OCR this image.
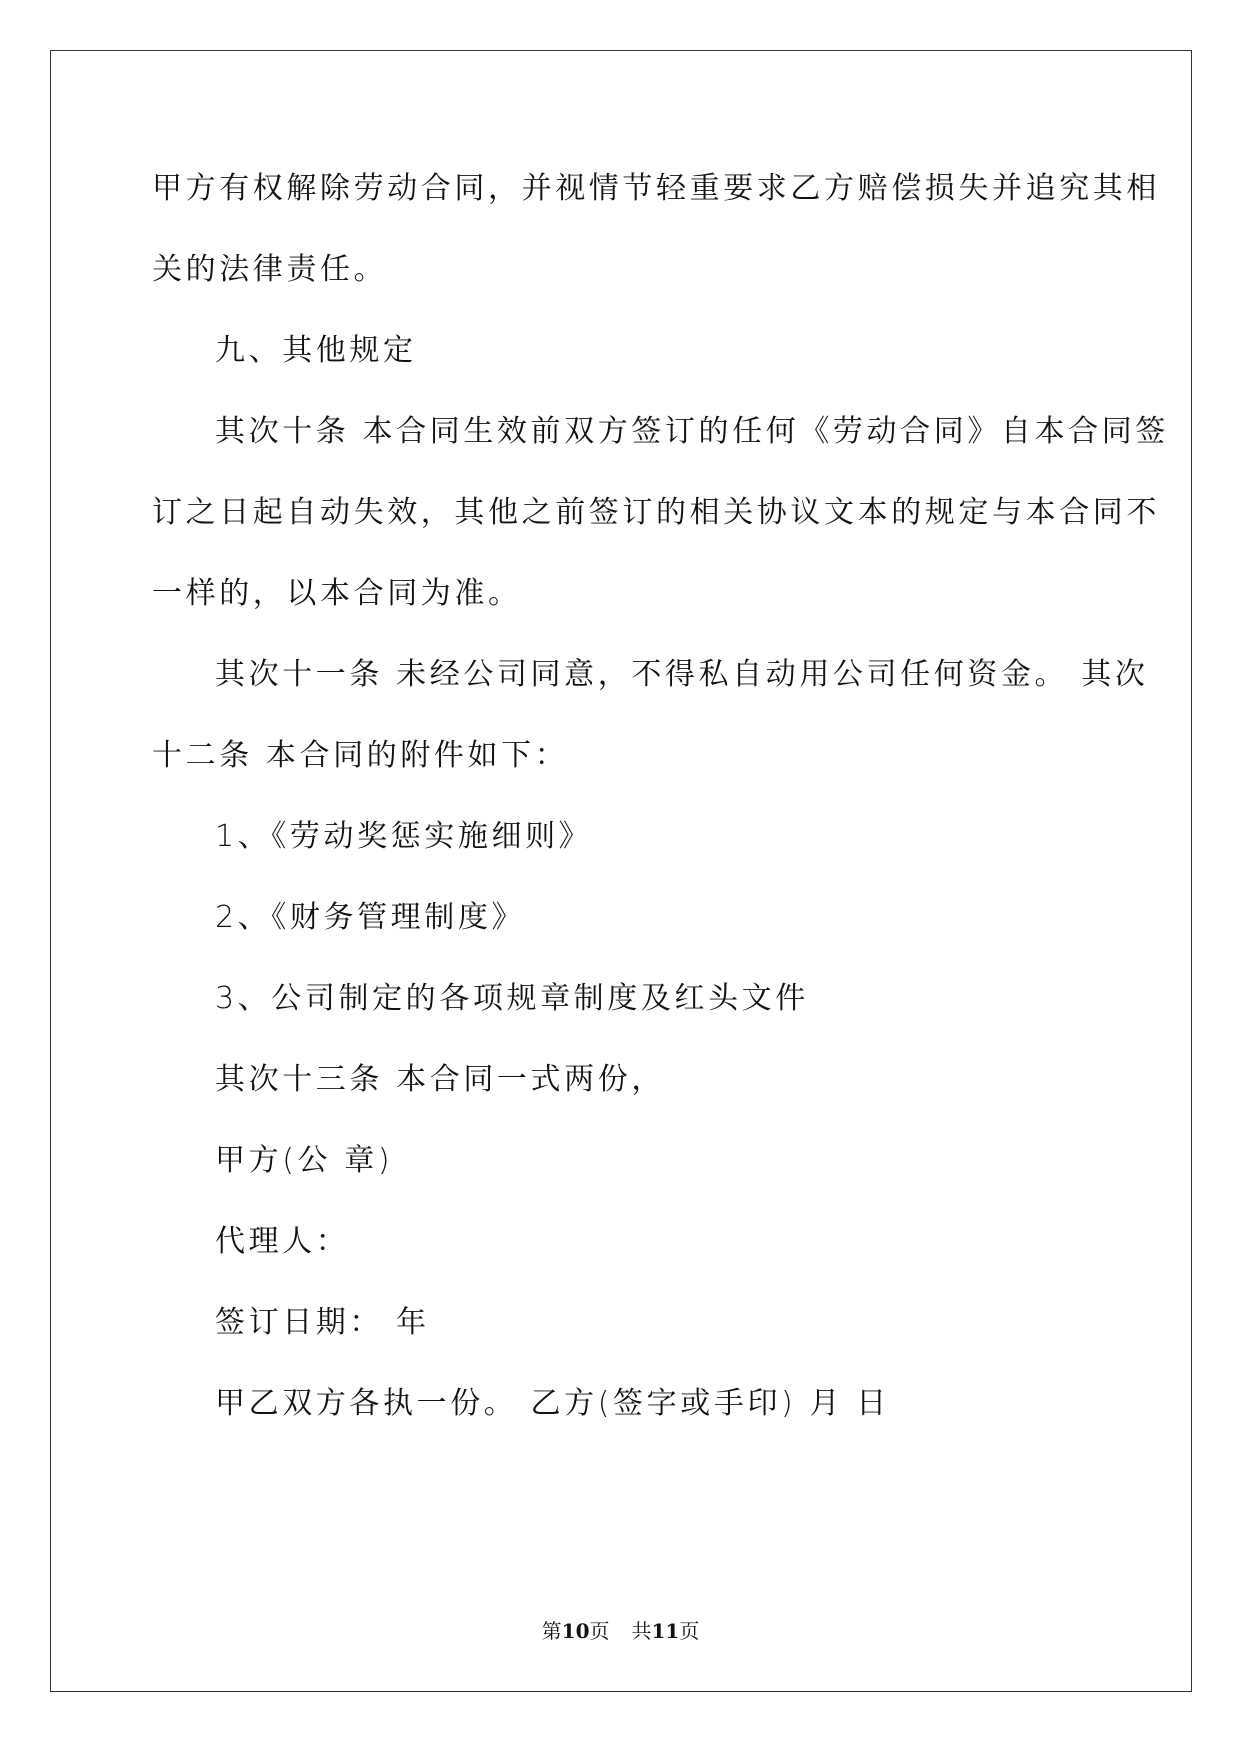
甲方有权解除劳动合同，并视情节轻重要求乙方赔偿损失并追究其相
关的法律责任。
九、其他规定
其次十条 本合同生效前双方签订的任何《劳动合同》自本合同签
订之日起自动失效，其他之前签订的相关协议文本的规定与本合同不
一样的，以本合同为准。
其次十一条 未经公司同意，不得私自动用公司任何资金。 其次
十二条 本合同的附件如下：
1、《劳动奖惩实施细则》
2、《财务管理制度》
3、公司制定的各项规章制度及红头文件
其次十三条 本合同一式两份，
甲方(公 章)
代理人：
签订日期： 年
甲乙双方各执一份。 乙方(签字或手印) 月 日
第10页 共11页
